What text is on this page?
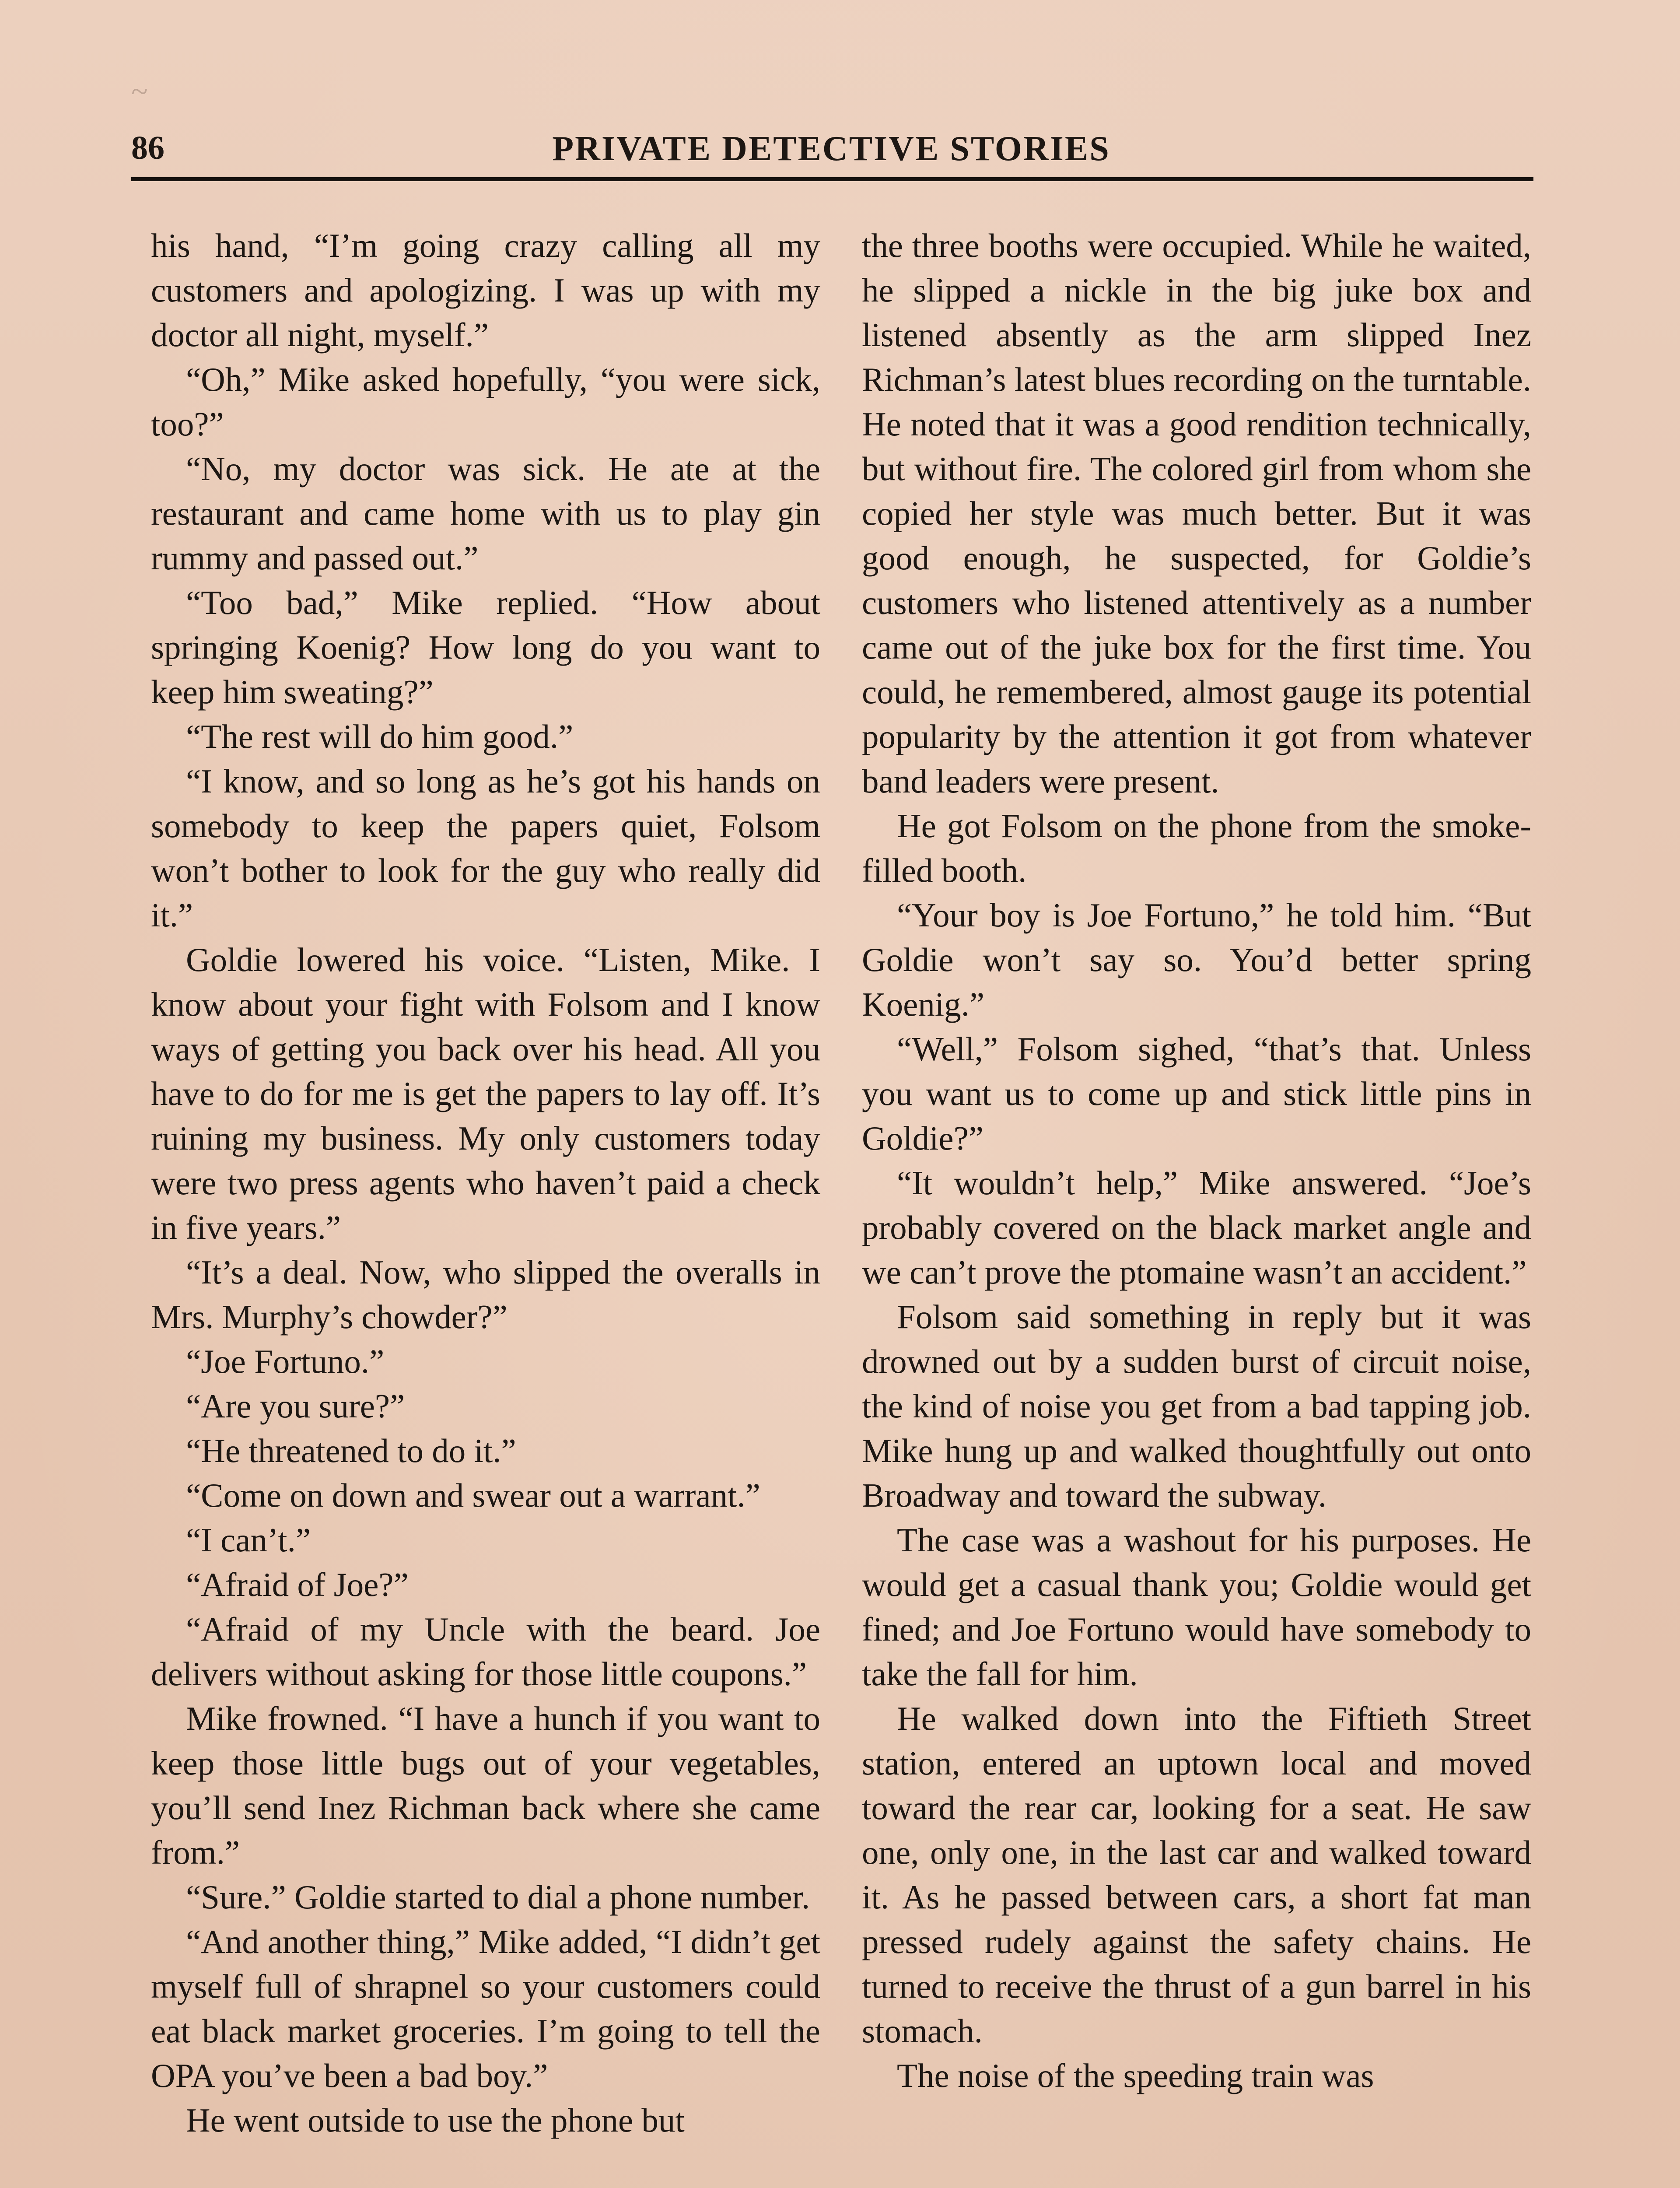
~
86	PRIVATE DETECTIVE STORIES

his hand, “I’m going crazy calling all my customers and apologizing. I was up with my doctor all night, myself.”

“Oh,” Mike asked hopefully, “you were sick, too?”

“No, my doctor was sick. He ate at the restaurant and came home with us to play gin rummy and passed out.”

“Too bad,” Mike replied. “How about springing Koenig? How long do you want to keep him sweating?”

“The rest will do him good.”

“I know, and so long as he’s got his hands on somebody to keep the papers quiet, Folsom won’t bother to look for the guy who really did it.”

Goldie lowered his voice. “Listen, Mike. I know about your fight with Folsom and I know ways of getting you back over his head. All you have to do for me is get the papers to lay off. It’s ruining my business. My only customers today were two press agents who haven’t paid a check in five years.”

“It’s a deal. Now, who slipped the overalls in Mrs. Murphy’s chowder?”

“Joe Fortuno.”

“Are you sure?”

“He threatened to do it.”

“Come on down and swear out a warrant.”

“I can’t.”

“Afraid of Joe?”

“Afraid of my Uncle with the beard. Joe delivers without asking for those little coupons.”

Mike frowned. “I have a hunch if you want to keep those little bugs out of your vegetables, you’ll send Inez Richman back where she came from.”

“Sure.” Goldie started to dial a phone number.

“And another thing,” Mike added, “I didn’t get myself full of shrapnel so your customers could eat black market groceries. I’m going to tell the OPA you’ve been a bad boy.”

He went outside to use the phone but

the three booths were occupied. While he waited, he slipped a nickle in the big juke box and listened absently as the arm slipped Inez Richman’s latest blues recording on the turntable. He noted that it was a good rendition technically, but without fire. The colored girl from whom she copied her style was much better. But it was good enough, he suspected, for Goldie’s customers who listened attentively as a number came out of the juke box for the first time. You could, he remembered, almost gauge its potential popularity by the attention it got from whatever band leaders were present.

He got Folsom on the phone from the smoke-filled booth.

“Your boy is Joe Fortuno,” he told him. “But Goldie won’t say so. You’d better spring Koenig.”

“Well,” Folsom sighed, “that’s that. Unless you want us to come up and stick little pins in Goldie?”

“It wouldn’t help,” Mike answered. “Joe’s probably covered on the black market angle and we can’t prove the ptomaine wasn’t an accident.”

Folsom said something in reply but it was drowned out by a sudden burst of circuit noise, the kind of noise you get from a bad tapping job. Mike hung up and walked thoughtfully out onto Broadway and toward the subway.

The case was a washout for his purposes. He would get a casual thank you; Goldie would get fined; and Joe Fortuno would have somebody to take the fall for him.

He walked down into the Fiftieth Street station, entered an uptown local and moved toward the rear car, looking for a seat. He saw one, only one, in the last car and walked toward it. As he passed between cars, a short fat man pressed rudely against the safety chains. He turned to receive the thrust of a gun barrel in his stomach.

The noise of the speeding train was
